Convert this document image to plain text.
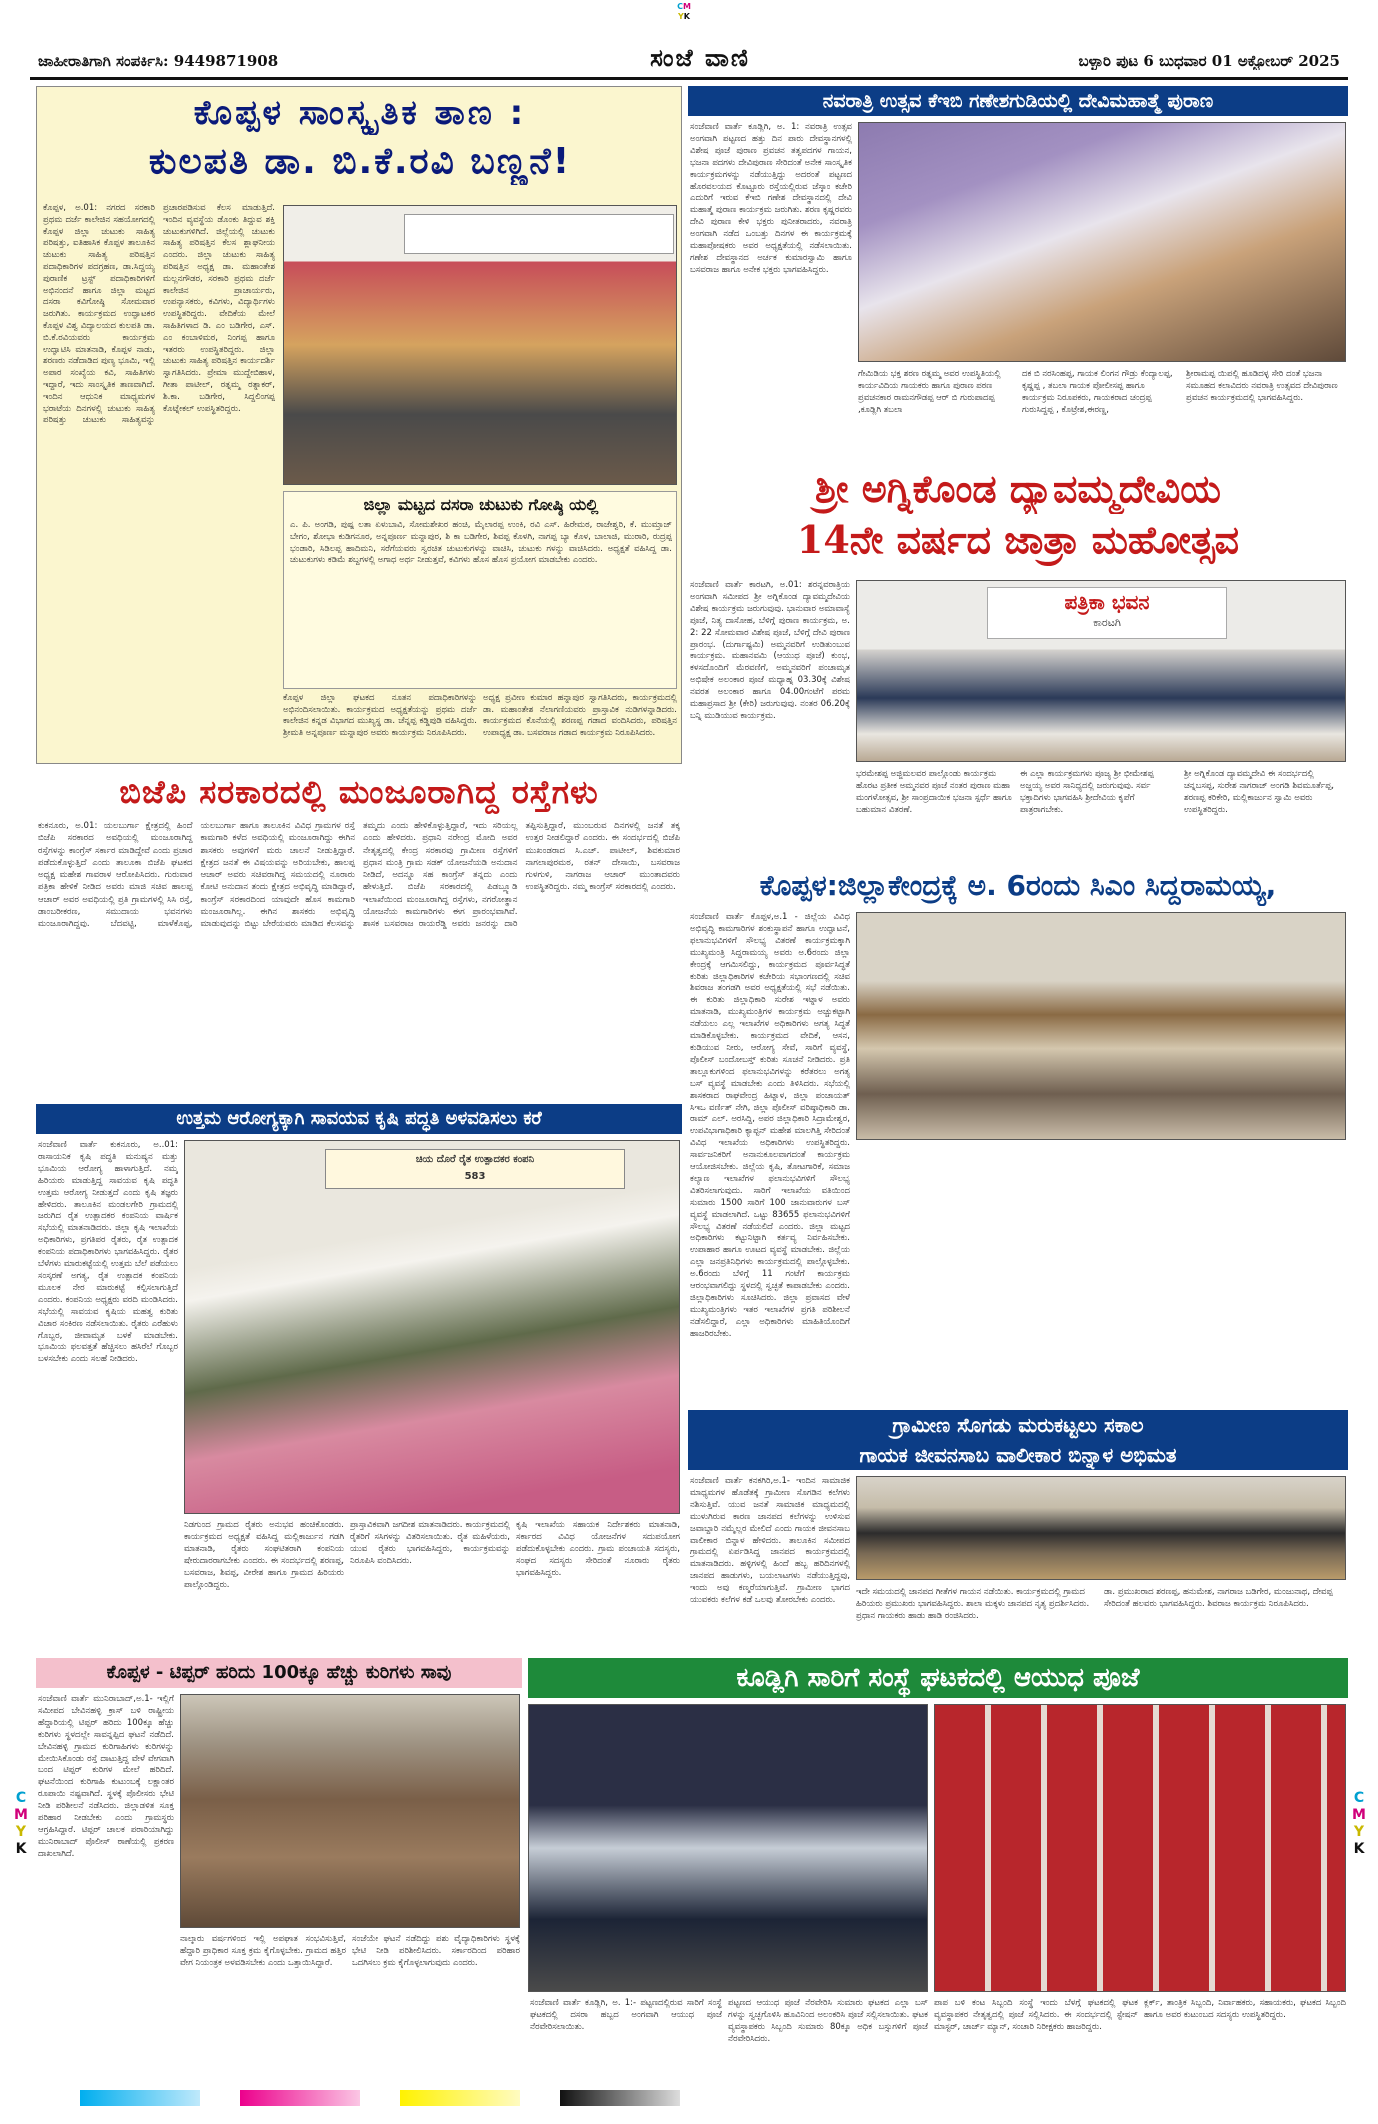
CM
YK
ಜಾಹೀರಾತಿಗಾಗಿ ಸಂಪರ್ಕಿಸಿ: 9449871908	ಸಂಜೆ ವಾಣಿ	ಬಳ್ಳಾರಿ ಪುಟ 6 ಬುಧವಾರ 01 ಅಕ್ಟೋಬರ್ 2025
ಕೊಪ್ಪಳ ಸಾಂಸ್ಕೃತಿಕ ತಾಣ :
ಕುಲಪತಿ ಡಾ. ಬಿ.ಕೆ.ರವಿ ಬಣ್ಣನೆ!
ಕೊಪ್ಪಳ, ಅ.01: ನಗರದ ಸರಕಾರಿ ಪ್ರಥಮ ದರ್ಜೆ ಕಾಲೇಜಿನ ಸಹಯೋಗದಲ್ಲಿ ಕೊಪ್ಪಳ ಜಿಲ್ಲಾ ಚುಟುಕು ಸಾಹಿತ್ಯ ಪರಿಷತ್ತು, ಐತಿಹಾಸಿಕ ಕೊಪ್ಪಳ ತಾಲೂಕಿನ ಚುಟುಕು ಸಾಹಿತ್ಯ ಪರಿಷತ್ತಿನ ಪದಾಧಿಕಾರಿಗಳ ಪದಗ್ರಹಣ, ಡಾ.ಸಿದ್ದಯ್ಯ ಪುರಾಣಿಕ ಟ್ರಸ್ಟ್ ಪದಾಧಿಕಾರಿಗಳಿಗೆ ಅಭಿನಂದನೆ ಹಾಗೂ ಜಿಲ್ಲಾ ಮಟ್ಟದ ದಸರಾ ಕವಿಗೋಷ್ಠಿ ಸೋಮವಾರ ಜರುಗಿತು. ಕಾರ್ಯಕ್ರಮದ ಉದ್ಘಾಟಕರ ಕೊಪ್ಪಳ ವಿಶ್ವ ವಿದ್ಯಾಲಯದ ಕುಲಪತಿ ಡಾ. ಬಿ.ಕೆ.ರವಿಯವರು ಕಾರ್ಯಕ್ರಮ ಉದ್ಘಾಟಿಸಿ ಮಾತನಾಡಿ, ಕೊಪ್ಪಳ ನಾಡು, ಶರಣರು ನಡೆದಾಡಿದ ಪುಣ್ಯ ಭೂಮಿ, ಇಲ್ಲಿ ಅಪಾರ ಸಂಖ್ಯೆಯ ಕವಿ, ಸಾಹಿತಿಗಳು ಇದ್ದಾರೆ, ಇದು ಸಾಂಸ್ಕೃತಿಕ ತಾಣವಾಗಿದೆ. ಇಂದಿನ ಆಧುನಿಕ ಮಾಧ್ಯಮಗಳ ಭರಾಟೆಯ ದಿನಗಳಲ್ಲಿ ಚುಟುಕು ಸಾಹಿತ್ಯ ಪರಿಷತ್ತು ಚುಟುಕು ಸಾಹಿತ್ಯವನ್ನು ಪ್ರಚಾರಪಡಿಸುವ ಕೆಲಸ ಮಾಡುತ್ತಿದೆ. ಇಂದಿನ ವ್ಯವಸ್ಥೆಯ ಡೊಂಕು ತಿದ್ದುವ ಶಕ್ತಿ ಚುಟುಕುಗಳಿಗಿದೆ. ಜಿಲ್ಲೆಯಲ್ಲಿ ಚುಟುಕು ಸಾಹಿತ್ಯ ಪರಿಷತ್ತಿನ ಕೆಲಸ ಶ್ಲಾಘನೀಯ ಎಂದರು. ಜಿಲ್ಲಾ ಚುಟುಕು ಸಾಹಿತ್ಯ ಪರಿಷತ್ತಿನ ಅಧ್ಯಕ್ಷ ಡಾ. ಮಹಾಂತೇಶ ಮಲ್ಲನಗೌಡರ, ಸರಕಾರಿ ಪ್ರಥಮ ದರ್ಜೆ ಕಾಲೇಜಿನ ಪ್ರಾಚಾರ್ಯರು, ಉಪನ್ಯಾಸಕರು, ಕವಿಗಳು, ವಿದ್ಯಾರ್ಥಿಗಳು ಉಪಸ್ಥಿತರಿದ್ದರು. ವೇದಿಕೆಯ ಮೇಲೆ ಸಾಹಿತಿಗಳಾದ ಡಿ. ಎಂ ಬಡಿಗೇರ, ಎಸ್. ಎಂ ಕಂಬಾಳಿಮಠ, ನಿಂಗಪ್ಪ ಹಾಗೂ ಇತರರು ಉಪಸ್ಥಿತರಿದ್ದರು. ಜಿಲ್ಲಾ ಚುಟುಕು ಸಾಹಿತ್ಯ ಪರಿಷತ್ತಿನ ಕಾರ್ಯದರ್ಶಿ ಸ್ವಾಗತಿಸಿದರು. ಪ್ರೇಮಾ ಮುದ್ದೇಬಿಹಾಳ, ಗೀತಾ ಪಾಟೀಲ್, ರತ್ನಮ್ಮ ರತ್ನಾಕರ್, ಶಿ.ಕಾ. ಬಡಿಗೇರ, ಸಿದ್ದಲಿಂಗಪ್ಪ ಕೊಟ್ನೇಕಲ್ ಉಪಸ್ಥಿತರಿದ್ದರು.
ಜಿಲ್ಲಾ ಮಟ್ಟದ ದಸರಾ ಚುಟುಕು ಗೋಷ್ಠಿ ಯಲ್ಲಿ
ಎ. ಪಿ. ಅಂಗಡಿ, ಪುಷ್ಪ ಲತಾ ಏಳುಬಾವಿ, ಸೋಮಶೇಖರ ಹಂಚಿ, ಮೈಲಾರಪ್ಪ ಉಂಕಿ, ರವಿ ಎಸ್. ಹಿರೇಮಠ, ರಾಜೇಶ್ವರಿ, ಕೆ. ಮುಮ್ತಾಜ್ ಬೇಗಂ, ಶೋಭಾ ಕುಡಿಗನೂರ, ಅನ್ನಪೂರ್ಣ ಮನ್ನಾಪುರ, ಶಿ ಕಾ ಬಡಿಗೇರ, ಶಿವಪ್ಪ ಕೊಳಗಿ, ನಾಗಪ್ಪ ಬ್ಯಾ ಕೊಳ, ಬಾಲಾಜಿ, ಮುರಾರಿ, ರುದ್ರಪ್ಪ ಭಂಡಾರಿ, ಸಿಡಿಲಪ್ಪ ಹಾದಿಮನಿ, ಸರೆಗೆಯವರು ಸ್ವರಚಿತ ಚುಟುಕುಗಳನ್ನು ವಾಚಿಸಿ, ಚುಟುಕು ಗಳನ್ನು ವಾಚಿಸಿದರು. ಅಧ್ಯಕ್ಷತೆ ವಹಿಸಿದ್ದ ಡಾ. ಚುಟುಕುಗಳು ಕಡಿಮೆ ಶಬ್ದಗಳಲ್ಲಿ ಅಗಾಧ ಅರ್ಥ ನೀಡುತ್ತವೆ, ಕವಿಗಳು ಹೊಸ ಹೊಸ ಪ್ರಯೋಗ ಮಾಡಬೇಕು ಎಂದರು.
ಕೊಪ್ಪಳ ಜಿಲ್ಲಾ ಘಟಕದ ನೂತನ ಪದಾಧಿಕಾರಿಗಳನ್ನು ಅಭಿನಂದಿಸಲಾಯಿತು. ಕಾರ್ಯಕ್ರಮದ ಅಧ್ಯಕ್ಷತೆಯನ್ನು ಪ್ರಥಮ ದರ್ಜೆ ಕಾಲೇಜಿನ ಕನ್ನಡ ವಿಭಾಗದ ಮುಖ್ಯಸ್ಥ ಡಾ. ಚೆನ್ನಪ್ಪ ಕಡ್ಡಿಪುಡಿ ವಹಿಸಿದ್ದರು. ಶ್ರೀಮತಿ ಅನ್ನಪೂರ್ಣ ಮನ್ನಾಪುರ ಅವರು ಕಾರ್ಯಕ್ರಮ ನಿರೂಪಿಸಿದರು.
ಅಧ್ಯಕ್ಷ ಪ್ರವೀಣ ಕುಮಾರ ಹನ್ನಾಪುರ ಸ್ವಾಗತಿಸಿದರು, ಕಾರ್ಯಕ್ರಮದಲ್ಲಿ ಡಾ. ಮಹಾಂತೇಶ ನೆಲಾಗಣಿಯವರು ಪ್ರಾಸ್ತಾವಿಕ ನುಡಿಗಳನ್ನಾಡಿದರು. ಕಾರ್ಯಕ್ರಮದ ಕೊನೆಯಲ್ಲಿ ಶರಣಪ್ಪ ಗಡಾದ ವಂದಿಸಿದರು, ಪರಿಷತ್ತಿನ ಉಪಾಧ್ಯಕ್ಷ ಡಾ. ಬಸವರಾಜ ಗಡಾದ ಕಾರ್ಯಕ್ರಮ ನಿರೂಪಿಸಿದರು.
ನವರಾತ್ರಿ ಉತ್ಸವ ಕೆಇಬಿ ಗಣೇಶಗುಡಿಯಲ್ಲಿ ದೇವಿಮಹಾತ್ಮೆ ಪುರಾಣ
ಸಂಜೆವಾಣಿ ವಾರ್ತೆ ಕೂಡ್ಲಿಗಿ, ಅ. 1: ನವರಾತ್ರಿ ಉತ್ಸವ ಅಂಗವಾಗಿ ಪಟ್ಟಣದ ಹತ್ತು ದಿನ ಪಾರು ದೇವಸ್ಥಾನಗಳಲ್ಲಿ ವಿಶೇಷ ಪೂಜೆ ಪುರಾಣ ಪ್ರವಚನ ತತ್ವಪದಗಳ ಗಾಯನ, ಭಜನಾ ಪದಗಳು ದೇವಿಪುರಾಣ ಸೇರಿದಂತೆ ಅನೇಕ ಸಾಂಸ್ಕೃತಿಕ ಕಾರ್ಯಕ್ರಮಗಳನ್ನು ನಡೆಯುತ್ತಿದ್ದು ಅದರಂತೆ ಪಟ್ಟಣದ ಹೊರವಲಯದ ಕೊಟ್ಟೂರು ರಸ್ತೆಯಲ್ಲಿರುವ ಜೆಸ್ಕಾಂ ಕಚೇರಿ ಎದುರಿಗೆ ಇರುವ ಕೆಇಬಿ ಗಣೇಶ ದೇವಸ್ಥಾನದಲ್ಲಿ ದೇವಿ ಮಹಾತ್ಮೆ ಪುರಾಣ ಕಾರ್ಯಕ್ರಮ ಜರುಗಿತು. ಶರಣ ಕೃಷ್ಣರವರು ದೇವಿ ಪುರಾಣ ಕೇಳಿ ಭಕ್ತರು ಪುನೀತರಾದರು, ನವರಾತ್ರಿ ಅಂಗವಾಗಿ ನಡೆದ ಒಂಬತ್ತು ದಿನಗಳ ಈ ಕಾರ್ಯಕ್ರಮಕ್ಕೆ ಮಹಾಪೋಷಕರು ಅವರ ಅಧ್ಯಕ್ಷತೆಯಲ್ಲಿ ನಡೆಸಲಾಯಿತು. ಗಣೇಶ ದೇವಸ್ಥಾನದ ಅರ್ಚಕ ಕುಮಾರಸ್ವಾಮಿ ಹಾಗೂ ಬಸವರಾಜ ಹಾಗೂ ಅನೇಕ ಭಕ್ತರು ಭಾಗವಹಿಸಿದ್ದರು.
ಗೇಮಿಡಿಯ ಭಕ್ತ ಶರಣ ರತ್ನಮ್ಮ ಅವರ ಉಪಸ್ಥಿತಿಯಲ್ಲಿ ಕಾರ್ಯವಿದಿಯ ಗಾಯಕರು ಹಾಗೂ ಪುರಾಣ ಪಠಣ ಪ್ರವಚನಕಾರ ರಾಮನಗೌಡಪ್ಪ ಆರ್ ಬಿ ಗುರುಪಾದಪ್ಪ ,ಕೂಡ್ಲಿಗಿ ತಬಲಾ
ದಕ ಬಿ ನರಸಿಂಹಪ್ಪ, ಗಾಯಕ ಲಿಂಗನ ಗೌಡ್ರು ಕೆಂದ್ಯಾಲಪ್ಪ, ಕೃಷ್ಣಪ್ಪ , ತಬಲಾ ಗಾಯಕ ಪೋಲೀಸಪ್ಪ ಹಾಗೂ ಕಾರ್ಯಕ್ರಮ ನಿರೂಪಕರು, ಗಾಯಕರಾದ ಚಂದ್ರಪ್ಪ ಗುರುಸಿದ್ದಪ್ಪ , ಕೊಟ್ರೇಶ,ಈರಣ್ಣ,
ಶ್ರೀರಾಮಪ್ಪ ಯಿಪಲ್ಲಿ ಹೂಡಿದಳ್ಳ ಸೇರಿ ದಂತೆ ಭಜನಾ ಸಮೂಹದ ಕಲಾವಿದರು ನವರಾತ್ರಿ ಉತ್ಸವದ ದೇವಿಪುರಾಣ ಪ್ರವಚನ ಕಾರ್ಯಕ್ರಮದಲ್ಲಿ ಭಾಗವಹಿಸಿದ್ದರು.
ಶ್ರೀ ಅಗ್ನಿಕೊಂಡ ದ್ಯಾವಮ್ಮದೇವಿಯ
14ನೇ ವರ್ಷದ ಜಾತ್ರಾ ಮಹೋತ್ಸವ
ಸಂಜೆವಾಣಿ ವಾರ್ತೆ ಕಾರಟಗಿ, ಅ.01: ಶರನ್ನವರಾತ್ರಿಯ ಅಂಗವಾಗಿ ಸಮೀಪದ ಶ್ರೀ ಅಗ್ನಿಕೊಂಡ ದ್ಯಾವಮ್ಮದೇವಿಯ ವಿಶೇಷ ಕಾರ್ಯಕ್ರಮ ಜರುಗುವುವು. ಭಾನುವಾರ ಅಮಾವಾಸ್ಯೆ ಪೂಜೆ, ನಿತ್ಯ ದಾಸೋಹ, ಬೆಳಿಗ್ಗೆ ಪುರಾಣ ಕಾರ್ಯಕ್ರಮ, ಅ. 2: 22 ಸೋಮವಾರ ವಿಶೇಷ ಪೂಜೆ, ಬೆಳಿಗ್ಗೆ ದೇವಿ ಪುರಾಣ ಪ್ರಾರಂಭ. (ದುರ್ಗಾಷ್ಟಮಿ) ಅಮ್ಮನವರಿಗೆ ಉಡಿತುಂಬುವ ಕಾರ್ಯಕ್ರಮ. ಮಹಾನವಮಿ (ಆಯುಧ ಪೂಜೆ) ಕುಂಭ, ಕಳಸದೊಂದಿಗೆ ಮೆರವಣಿಗೆ, ಅಮ್ಮನವರಿಗೆ ಪಂಚಾಮೃತ ಅಭಿಷೇಕ ಅಲಂಕಾರ ಪೂಜೆ ಮಧ್ಯಾಹ್ನ 03.30ಕ್ಕೆ ವಿಶೇಷ ನವರತ ಅಲಂಕಾರ ಹಾಗೂ 04.00ಗಂಟೆಗೆ ಪರಮ ಮಹಾಪ್ರಸಾದ ಶ್ರೀ (ಕೇರಿ) ಜರುಗುವುವು. ನಂತರ 06.20ಕ್ಕೆ ಬನ್ನಿ ಮುಡಿಯುವ ಕಾರ್ಯಕ್ರಮ.
ಪತ್ರಿಕಾ ಭವನ
ಕಾರಟಗಿ
ಭರಮೇಶಪ್ಪ ಅಜ್ಜಿಮಲವರ ಪಾಲ್ಗೊಂಡು ಕಾರ್ಯಕ್ರಮ ಹೊರಟ ಪ್ರತೀಕ ಅಮ್ಮನವರ ಪೂಜೆ ನಂತರ ಪುರಾಣ ಮಹಾ ಮಂಗಳೋತ್ಸವ, ಶ್ರೀ ಸಾಂಪ್ರದಾಯಿಕ ಭಜನಾ ಸ್ಪರ್ಧೆ ಹಾಗೂ ಬಹುಮಾನ ವಿತರಣೆ.
ಈ ಎಲ್ಲಾ ಕಾರ್ಯಕ್ರಮಗಳು ಪೂಜ್ಯ ಶ್ರೀ ಭೀಮೇಶಪ್ಪ ಅಜ್ಜಯ್ಯ ಅವರ ಸಾನಿಧ್ಯದಲ್ಲಿ ಜರುಗುವುವು. ಸರ್ವ ಭಕ್ತಾದಿಗಳು ಭಾಗವಹಿಸಿ ಶ್ರೀದೇವಿಯ ಕೃಪೆಗೆ ಪಾತ್ರರಾಗಬೇಕು.
ಶ್ರೀ ಅಗ್ನಿಕೊಂಡ ದ್ಯಾವಮ್ಮದೇವಿ ಈ ಸಂದರ್ಭದಲ್ಲಿ ಚನ್ನಬಸಪ್ಪ, ಸುರೇಶ ನಾಗರಾಜ್ ಅಂಗಡಿ ಶಿವಮೂರ್ತೆಪ್ಪ, ಶರಣಪ್ಪ ಕರಿಕೇರಿ, ಮಲ್ಲಿಕಾರ್ಜುನ ಸ್ವಾಮಿ ಅವರು ಉಪಸ್ಥಿತರಿದ್ದರು.
ಬಿಜೆಪಿ ಸರಕಾರದಲ್ಲಿ ಮಂಜೂರಾಗಿದ್ದ ರಸ್ತೆಗಳು
ಕುಕನೂರು, ಅ.01: ಯಲಬುರ್ಗಾ ಕ್ಷೇತ್ರದಲ್ಲಿ ಹಿಂದೆ ಬಿಜೆಪಿ ಸರಕಾರದ ಅವಧಿಯಲ್ಲಿ ಮಂಜೂರಾಗಿದ್ದ ರಸ್ತೆಗಳನ್ನು ಕಾಂಗ್ರೆಸ್ ಸರ್ಕಾರ ಮಾಡಿದ್ದೇವೆ ಎಂದು ಪ್ರಚಾರ ಪಡೆದುಕೊಳ್ಳುತ್ತಿದೆ ಎಂದು ತಾಲೂಕಾ ಬಿಜೆಪಿ ಘಟಕದ ಅಧ್ಯಕ್ಷ ಮಹೇಶ ಗಾವರಾಳ ಆರೋಪಿಸಿದರು. ಗುರುವಾರ ಪತ್ರಿಕಾ ಹೇಳಿಕೆ ನೀಡಿದ ಅವರು ಮಾಜಿ ಸಚಿವ ಹಾಲಪ್ಪ ಆಚಾರ್ ಅವರ ಅವಧಿಯಲ್ಲಿ ಪ್ರತಿ ಗ್ರಾಮಗಳಲ್ಲಿ ಸಿಸಿ ರಸ್ತೆ, ಡಾಂಬರೀಕರಣ, ಸಮುದಾಯ ಭವನಗಳು ಮಂಜೂರಾಗಿದ್ದವು. ಬೆದವಟ್ಟಿ, ಮಾಳೆಕೊಪ್ಪ, ಯಲಬುರ್ಗಾ ಹಾಗೂ ತಾಲೂಕಿನ ವಿವಿಧ ಗ್ರಾಮಗಳ ರಸ್ತೆ ಕಾಮಗಾರಿ ಕಳೆದ ಅವಧಿಯಲ್ಲಿ ಮಂಜೂರಾಗಿದ್ದು ಈಗಿನ ಶಾಸಕರು ಅವುಗಳಿಗೆ ಮರು ಚಾಲನೆ ನೀಡುತ್ತಿದ್ದಾರೆ. ಕ್ಷೇತ್ರದ ಜನತೆ ಈ ವಿಷಯವನ್ನು ಅರಿಯಬೇಕು, ಹಾಲಪ್ಪ ಆಚಾರ್ ಅವರು ಸಚಿವರಾಗಿದ್ದ ಸಮಯದಲ್ಲಿ ನೂರಾರು ಕೋಟಿ ಅನುದಾನ ತಂದು ಕ್ಷೇತ್ರದ ಅಭಿವೃದ್ಧಿ ಮಾಡಿದ್ದಾರೆ, ಕಾಂಗ್ರೆಸ್ ಸರಕಾರದಿಂದ ಯಾವುದೇ ಹೊಸ ಕಾಮಗಾರಿ ಮಂಜೂರಾಗಿಲ್ಲ. ಈಗಿನ ಶಾಸಕರು ಅಭಿವೃದ್ಧಿ ಮಾಡುವುದನ್ನು ಬಿಟ್ಟು ಬೇರೆಯವರು ಮಾಡಿದ ಕೆಲಸವನ್ನು ತಮ್ಮದು ಎಂದು ಹೇಳಿಕೊಳ್ಳುತ್ತಿದ್ದಾರೆ, ಇದು ಸರಿಯಲ್ಲ ಎಂದು ಹೇಳಿದರು. ಪ್ರಧಾನಿ ನರೇಂದ್ರ ಮೋದಿ ಅವರ ನೇತೃತ್ವದಲ್ಲಿ ಕೇಂದ್ರ ಸರಕಾರವು ಗ್ರಾಮೀಣ ರಸ್ತೆಗಳಿಗೆ ಪ್ರಧಾನ ಮಂತ್ರಿ ಗ್ರಾಮ ಸಡಕ್ ಯೋಜನೆಯಡಿ ಅನುದಾನ ನೀಡಿದೆ, ಅದನ್ನೂ ಸಹ ಕಾಂಗ್ರೆಸ್ ತನ್ನದು ಎಂದು ಹೇಳುತ್ತಿದೆ. ಬಿಜೆಪಿ ಸರಕಾರದಲ್ಲಿ ಪಿಡಬ್ಲ್ಯೂಡಿ ಇಲಾಖೆಯಿಂದ ಮಂಜೂರಾಗಿದ್ದ ರಸ್ತೆಗಳು, ನಗರೋತ್ಥಾನ ಯೋಜನೆಯ ಕಾಮಗಾರಿಗಳು ಈಗ ಪ್ರಾರಂಭವಾಗಿವೆ. ಶಾಸಕ ಬಸವರಾಜ ರಾಯರೆಡ್ಡಿ ಅವರು ಜನರನ್ನು ದಾರಿ ತಪ್ಪಿಸುತ್ತಿದ್ದಾರೆ, ಮುಂಬರುವ ದಿನಗಳಲ್ಲಿ ಜನತೆ ತಕ್ಕ ಉತ್ತರ ನೀಡಲಿದ್ದಾರೆ ಎಂದರು. ಈ ಸಂದರ್ಭದಲ್ಲಿ ಬಿಜೆಪಿ ಮುಖಂಡರಾದ ಸಿ.ಎಚ್. ಪಾಟೀಲ್, ಶಿವಕುಮಾರ ನಾಗಲಾಪುರಮಠ, ರತನ್ ದೇಸಾಯಿ, ಬಸವರಾಜ ಗುಳಗುಳಿ, ನಾಗರಾಜ ಆಚಾರ್ ಮುಂತಾದವರು ಉಪಸ್ಥಿತರಿದ್ದರು. ನಮ್ಮ ಕಾಂಗ್ರೆಸ್ ಸರಕಾರದಲ್ಲಿ ಎಂದರು.	ಕೊಪ್ಪಳ:ಜಿಲ್ಲಾಕೇಂದ್ರಕ್ಕೆ ಅ. 6ರಂದು ಸಿಎಂ ಸಿದ್ದರಾಮಯ್ಯ,
ಸಂಜೆವಾಣಿ ವಾರ್ತೆ ಕೊಪ್ಪಳ,ಅ.1 - ಜಿಲ್ಲೆಯ ವಿವಿಧ ಅಭಿವೃದ್ಧಿ ಕಾಮಗಾರಿಗಳ ಶಂಕುಸ್ಥಾಪನೆ ಹಾಗೂ ಉದ್ಘಾಟನೆ, ಫಲಾನುಭವಿಗಳಿಗೆ ಸೌಲಭ್ಯ ವಿತರಣೆ ಕಾರ್ಯಕ್ರಮಕ್ಕಾಗಿ ಮುಖ್ಯಮಂತ್ರಿ ಸಿದ್ದರಾಮಯ್ಯ ಅವರು ಅ.6ರಂದು ಜಿಲ್ಲಾ ಕೇಂದ್ರಕ್ಕೆ ಆಗಮಿಸಲಿದ್ದು, ಕಾರ್ಯಕ್ರಮದ ಪೂರ್ವಸಿದ್ಧತೆ ಕುರಿತು ಜಿಲ್ಲಾಧಿಕಾರಿಗಳ ಕಚೇರಿಯ ಸಭಾಂಗಣದಲ್ಲಿ ಸಚಿವ ಶಿವರಾಜ ತಂಗಡಗಿ ಅವರ ಅಧ್ಯಕ್ಷತೆಯಲ್ಲಿ ಸಭೆ ನಡೆಯಿತು. ಈ ಕುರಿತು ಜಿಲ್ಲಾಧಿಕಾರಿ ಸುರೇಶ ಇಟ್ನಾಳ ಅವರು ಮಾತನಾಡಿ, ಮುಖ್ಯಮಂತ್ರಿಗಳ ಕಾರ್ಯಕ್ರಮ ಅಚ್ಚುಕಟ್ಟಾಗಿ ನಡೆಯಲು ಎಲ್ಲ ಇಲಾಖೆಗಳ ಅಧಿಕಾರಿಗಳು ಅಗತ್ಯ ಸಿದ್ಧತೆ ಮಾಡಿಕೊಳ್ಳಬೇಕು. ಕಾರ್ಯಕ್ರಮದ ವೇದಿಕೆ, ಆಸನ, ಕುಡಿಯುವ ನೀರು, ಆರೋಗ್ಯ ಸೇವೆ, ಸಾರಿಗೆ ವ್ಯವಸ್ಥೆ, ಪೊಲೀಸ್ ಬಂದೋಬಸ್ತ್ ಕುರಿತು ಸೂಚನೆ ನೀಡಿದರು. ಪ್ರತಿ ತಾಲ್ಲೂಕುಗಳಿಂದ ಫಲಾನುಭವಿಗಳನ್ನು ಕರೆತರಲು ಅಗತ್ಯ ಬಸ್ ವ್ಯವಸ್ಥೆ ಮಾಡಬೇಕು ಎಂದು ತಿಳಿಸಿದರು. ಸಭೆಯಲ್ಲಿ ಶಾಸಕರಾದ ರಾಘವೇಂದ್ರ ಹಿಟ್ನಾಳ, ಜಿಲ್ಲಾ ಪಂಚಾಯತ್ ಸಿಇಒ ವರ್ಣಿತ್ ನೇಗಿ, ಜಿಲ್ಲಾ ಪೊಲೀಸ್ ವರಿಷ್ಠಾಧಿಕಾರಿ ಡಾ. ರಾಮ್ ಎಲ್. ಅರಸಿದ್ದಿ, ಅಪರ ಜಿಲ್ಲಾಧಿಕಾರಿ ಸಿದ್ರಾಮೇಶ್ವರ, ಉಪವಿಭಾಗಾಧಿಕಾರಿ ಕ್ಯಾಪ್ಟನ್ ಮಹೇಶ ಮಾಲಗಿತ್ತಿ ಸೇರಿದಂತೆ ವಿವಿಧ ಇಲಾಖೆಯ ಅಧಿಕಾರಿಗಳು ಉಪಸ್ಥಿತರಿದ್ದರು. ಸಾರ್ವಜನಿಕರಿಗೆ ಅನಾನುಕೂಲವಾಗದಂತೆ ಕಾರ್ಯಕ್ರಮ ಆಯೋಜಿಸಬೇಕು. ಜಿಲ್ಲೆಯ ಕೃಷಿ, ತೋಟಗಾರಿಕೆ, ಸಮಾಜ ಕಲ್ಯಾಣ ಇಲಾಖೆಗಳ ಫಲಾನುಭವಿಗಳಿಗೆ ಸೌಲಭ್ಯ ವಿತರಿಸಲಾಗುವುದು. ಸಾರಿಗೆ ಇಲಾಖೆಯ ವತಿಯಿಂದ ಸುಮಾರು 1500 ಸಾರಿಗೆ 100 ಜಾನುವಾರುಗಳ ಬಸ್ ವ್ಯವಸ್ಥೆ ಮಾಡಲಾಗಿದೆ. ಒಟ್ಟು 83655 ಫಲಾನುಭವಿಗಳಿಗೆ ಸೌಲಭ್ಯ ವಿತರಣೆ ನಡೆಯಲಿದೆ ಎಂದರು. ಜಿಲ್ಲಾ ಮಟ್ಟದ ಅಧಿಕಾರಿಗಳು ಕಟ್ಟುನಿಟ್ಟಾಗಿ ಕರ್ತವ್ಯ ನಿರ್ವಹಿಸಬೇಕು. ಉಪಾಹಾರ ಹಾಗೂ ಊಟದ ವ್ಯವಸ್ಥೆ ಮಾಡಬೇಕು. ಜಿಲ್ಲೆಯ ಎಲ್ಲಾ ಜನಪ್ರತಿನಿಧಿಗಳು ಕಾರ್ಯಕ್ರಮದಲ್ಲಿ ಪಾಲ್ಗೊಳ್ಳಬೇಕು. ಅ.6ರಂದು ಬೆಳಿಗ್ಗೆ 11 ಗಂಟೆಗೆ ಕಾರ್ಯಕ್ರಮ ಆರಂಭವಾಗಲಿದ್ದು ಸ್ಥಳದಲ್ಲಿ ಸ್ವಚ್ಛತೆ ಕಾಪಾಡಬೇಕು ಎಂದರು. ಜಿಲ್ಲಾಧಿಕಾರಿಗಳು ಸೂಚಿಸಿದರು. ಜಿಲ್ಲಾ ಪ್ರವಾಸದ ವೇಳೆ ಮುಖ್ಯಮಂತ್ರಿಗಳು ಇತರ ಇಲಾಖೆಗಳ ಪ್ರಗತಿ ಪರಿಶೀಲನೆ ನಡೆಸಲಿದ್ದಾರೆ, ಎಲ್ಲಾ ಅಧಿಕಾರಿಗಳು ಮಾಹಿತಿಯೊಂದಿಗೆ ಹಾಜರಿರಬೇಕು.
ಉತ್ತಮ ಆರೋಗ್ಯಕ್ಕಾಗಿ ಸಾವಯವ ಕೃಷಿ ಪದ್ಧತಿ ಅಳವಡಿಸಲು ಕರೆ
ಸಂಜೆವಾಣಿ ವಾರ್ತೆ ಕುಕನೂರು, ಅ..01: ರಾಸಾಯನಿಕ ಕೃಷಿ ಪದ್ಧತಿ ಮನುಷ್ಯನ ಮತ್ತು ಭೂಮಿಯ ಆರೋಗ್ಯ ಹಾಳಾಗುತ್ತಿದೆ. ನಮ್ಮ ಹಿರಿಯರು ಮಾಡುತ್ತಿದ್ದ ಸಾವಯವ ಕೃಷಿ ಪದ್ಧತಿ ಉತ್ತಮ ಆರೋಗ್ಯ ನೀಡುತ್ತದೆ ಎಂದು ಕೃಷಿ ತಜ್ಞರು ಹೇಳಿದರು. ತಾಲೂಕಿನ ಮಂಡಲಗೇರಿ ಗ್ರಾಮದಲ್ಲಿ ಜರುಗಿದ ರೈತ ಉತ್ಪಾದಕರ ಕಂಪನಿಯ ವಾರ್ಷಿಕ ಸಭೆಯಲ್ಲಿ ಮಾತನಾಡಿದರು. ಜಿಲ್ಲಾ ಕೃಷಿ ಇಲಾಖೆಯ ಅಧಿಕಾರಿಗಳು, ಪ್ರಗತಿಪರ ರೈತರು, ರೈತ ಉತ್ಪಾದಕ ಕಂಪನಿಯ ಪದಾಧಿಕಾರಿಗಳು ಭಾಗವಹಿಸಿದ್ದರು. ರೈತರ ಬೆಳೆಗಳು ಮಾರುಕಟ್ಟೆಯಲ್ಲಿ ಉತ್ತಮ ಬೆಲೆ ಪಡೆಯಲು ಸಂಸ್ಕರಣೆ ಅಗತ್ಯ, ರೈತ ಉತ್ಪಾದಕ ಕಂಪನಿಯ ಮೂಲಕ ನೇರ ಮಾರುಕಟ್ಟೆ ಕಲ್ಪಿಸಲಾಗುತ್ತಿದೆ ಎಂದರು. ಕಂಪನಿಯ ಅಧ್ಯಕ್ಷರು ವರದಿ ಮಂಡಿಸಿದರು. ಸಭೆಯಲ್ಲಿ ಸಾವಯವ ಕೃಷಿಯ ಮಹತ್ವ ಕುರಿತು ವಿಚಾರ ಸಂಕಿರಣ ನಡೆಸಲಾಯಿತು. ರೈತರು ಎರೆಹುಳು ಗೊಬ್ಬರ, ಜೀವಾಮೃತ ಬಳಕೆ ಮಾಡಬೇಕು. ಭೂಮಿಯ ಫಲವತ್ತತೆ ಹೆಚ್ಚಿಸಲು ಹಸಿರೆಲೆ ಗೊಬ್ಬರ ಬಳಸಬೇಕು ಎಂದು ಸಲಹೆ ನೀಡಿದರು.
ಚಿಯ ದೊರೆ ರೈತ ಉತ್ಪಾದಕರ ಕಂಪನಿ
583
ನಿಡಗುಂದ ಗ್ರಾಮದ ರೈತರು ಅನುಭವ ಹಂಚಿಕೊಂಡರು. ಕಾರ್ಯಕ್ರಮದ ಅಧ್ಯಕ್ಷತೆ ವಹಿಸಿದ್ದ ಮಲ್ಲಿಕಾರ್ಜುನ ಗಡಗಿ ಮಾತನಾಡಿ, ರೈತರು ಸಂಘಟಿತರಾಗಿ ಕಂಪನಿಯ ಷೇರುದಾರರಾಗಬೇಕು ಎಂದರು. ಈ ಸಂದರ್ಭದಲ್ಲಿ ಶರಣಪ್ಪ, ಬಸವರಾಜ, ಶಿವಪ್ಪ, ವೀರೇಶ ಹಾಗೂ ಗ್ರಾಮದ ಹಿರಿಯರು ಪಾಲ್ಗೊಂಡಿದ್ದರು.
ಪ್ರಾಸ್ತಾವಿಕವಾಗಿ ಜಗದೀಶ ಮಾತನಾಡಿದರು. ಕಾರ್ಯಕ್ರಮದಲ್ಲಿ ರೈತರಿಗೆ ಸಸಿಗಳನ್ನು ವಿತರಿಸಲಾಯಿತು. ರೈತ ಮಹಿಳೆಯರು, ಯುವ ರೈತರು ಭಾಗವಹಿಸಿದ್ದರು, ಕಾರ್ಯಕ್ರಮವನ್ನು ನಿರೂಪಿಸಿ ವಂದಿಸಿದರು.
ಕೃಷಿ ಇಲಾಖೆಯ ಸಹಾಯಕ ನಿರ್ದೇಶಕರು ಮಾತನಾಡಿ, ಸರ್ಕಾರದ ವಿವಿಧ ಯೋಜನೆಗಳ ಸದುಪಯೋಗ ಪಡೆದುಕೊಳ್ಳಬೇಕು ಎಂದರು. ಗ್ರಾಮ ಪಂಚಾಯತಿ ಸದಸ್ಯರು, ಸಂಘದ ಸದಸ್ಯರು ಸೇರಿದಂತೆ ನೂರಾರು ರೈತರು ಭಾಗವಹಿಸಿದ್ದರು.
ಗ್ರಾಮೀಣ ಸೊಗಡು ಮರುಕಟ್ಟಲು ಸಕಾಲ
ಗಾಯಕ ಜೀವನಸಾಬ ವಾಲೀಕಾರ ಬಿನ್ನಾಳ ಅಭಿಮತ
ಸಂಜೆವಾಣಿ ವಾರ್ತೆ ಕನಕಗಿರಿ,ಅ.1- ಇಂದಿನ ಸಾಮಾಜಿಕ ಮಾಧ್ಯಮಗಳ ಹೊಡೆತಕ್ಕೆ ಗ್ರಾಮೀಣ ಸೊಗಡಿನ ಕಲೆಗಳು ನಶಿಸುತ್ತಿವೆ. ಯುವ ಜನತೆ ಸಾಮಾಜಿಕ ಮಾಧ್ಯಮದಲ್ಲಿ ಮುಳುಗಿರುವ ಕಾರಣ ಜಾನಪದ ಕಲೆಗಳನ್ನು ಉಳಿಸುವ ಜವಾಬ್ದಾರಿ ನಮ್ಮೆಲ್ಲರ ಮೇಲಿದೆ ಎಂದು ಗಾಯಕ ಜೀವನಸಾಬ ವಾಲೀಕಾರ ಬಿನ್ನಾಳ ಹೇಳಿದರು. ತಾಲೂಕಿನ ಸಮೀಪದ ಗ್ರಾಮದಲ್ಲಿ ಏರ್ಪಡಿಸಿದ್ದ ಜಾನಪದ ಕಾರ್ಯಕ್ರಮದಲ್ಲಿ ಮಾತನಾಡಿದರು. ಹಳ್ಳಿಗಳಲ್ಲಿ ಹಿಂದೆ ಹಬ್ಬ ಹರಿದಿನಗಳಲ್ಲಿ ಜಾನಪದ ಹಾಡುಗಳು, ಬಯಲಾಟಗಳು ನಡೆಯುತ್ತಿದ್ದವು, ಇಂದು ಅವು ಕಣ್ಮರೆಯಾಗುತ್ತಿವೆ. ಗ್ರಾಮೀಣ ಭಾಗದ ಯುವಕರು ಕಲೆಗಳ ಕಡೆ ಒಲವು ತೋರಬೇಕು ಎಂದರು.
ಇದೇ ಸಮಯದಲ್ಲಿ ಜಾನಪದ ಗೀತೆಗಳ ಗಾಯನ ನಡೆಯಿತು. ಕಾರ್ಯಕ್ರಮದಲ್ಲಿ ಗ್ರಾಮದ ಹಿರಿಯರು ಪ್ರಮುಖರು ಭಾಗವಹಿಸಿದ್ದರು. ಶಾಲಾ ಮಕ್ಕಳು ಜಾನಪದ ನೃತ್ಯ ಪ್ರದರ್ಶಿಸಿದರು. ಪ್ರಧಾನ ಗಾಯಕರು ಹಾಡು ಹಾಡಿ ರಂಜಿಸಿದರು.
ಡಾ. ಪ್ರಮುಖರಾದ ಶರಣಪ್ಪ, ಹನುಮೇಶ, ನಾಗರಾಜ ಬಡಿಗೇರ, ಮಂಜುನಾಥ, ದೇವಪ್ಪ ಸೇರಿದಂತೆ ಹಲವರು ಭಾಗವಹಿಸಿದ್ದರು. ಶಿವರಾಜ ಕಾರ್ಯಕ್ರಮ ನಿರೂಪಿಸಿದರು.
ಕೊಪ್ಪಳ - ಟಿಪ್ಪರ್ ಹರಿದು 100ಕ್ಕೂ ಹೆಚ್ಚು ಕುರಿಗಳು ಸಾವು
ಸಂಜೆವಾಣಿ ವಾರ್ತೆ ಮುನಿರಾಬಾದ್,ಅ.1- ಇಲ್ಲಿಗೆ ಸಮೀಪದ ಬೇವಿನಹಳ್ಳಿ ಕ್ರಾಸ್ ಬಳಿ ರಾಷ್ಟ್ರೀಯ ಹೆದ್ದಾರಿಯಲ್ಲಿ ಟಿಪ್ಪರ್ ಹರಿದು 100ಕ್ಕೂ ಹೆಚ್ಚು ಕುರಿಗಳು ಸ್ಥಳದಲ್ಲೇ ಸಾವನ್ನಪ್ಪಿದ ಘಟನೆ ನಡೆದಿದೆ. ಬೇವಿನಹಳ್ಳಿ ಗ್ರಾಮದ ಕುರಿಗಾಹಿಗಳು ಕುರಿಗಳನ್ನು ಮೇಯಿಸಿಕೊಂಡು ರಸ್ತೆ ದಾಟುತ್ತಿದ್ದ ವೇಳೆ ವೇಗವಾಗಿ ಬಂದ ಟಿಪ್ಪರ್ ಕುರಿಗಳ ಮೇಲೆ ಹರಿದಿದೆ. ಘಟನೆಯಿಂದ ಕುರಿಗಾಹಿ ಕುಟುಂಬಕ್ಕೆ ಲಕ್ಷಾಂತರ ರೂಪಾಯಿ ನಷ್ಟವಾಗಿದೆ. ಸ್ಥಳಕ್ಕೆ ಪೊಲೀಸರು ಭೇಟಿ ನೀಡಿ ಪರಿಶೀಲನೆ ನಡೆಸಿದರು. ಜಿಲ್ಲಾಡಳಿತ ಸೂಕ್ತ ಪರಿಹಾರ ನೀಡಬೇಕು ಎಂದು ಗ್ರಾಮಸ್ಥರು ಆಗ್ರಹಿಸಿದ್ದಾರೆ. ಟಿಪ್ಪರ್ ಚಾಲಕ ಪರಾರಿಯಾಗಿದ್ದು ಮುನಿರಾಬಾದ್ ಪೊಲೀಸ್ ಠಾಣೆಯಲ್ಲಿ ಪ್ರಕರಣ ದಾಖಲಾಗಿದೆ.
ನಾಲ್ಕಾರು ವರ್ಷಗಳಿಂದ ಇಲ್ಲಿ ಅಪಘಾತ ಸಂಭವಿಸುತ್ತಿವೆ, ಹೆದ್ದಾರಿ ಪ್ರಾಧಿಕಾರ ಸೂಕ್ತ ಕ್ರಮ ಕೈಗೊಳ್ಳಬೇಕು. ಗ್ರಾಮದ ಹತ್ತಿರ ವೇಗ ನಿಯಂತ್ರಕ ಅಳವಡಿಸಬೇಕು ಎಂದು ಒತ್ತಾಯಿಸಿದ್ದಾರೆ.
ಸಂಜೆಯೇ ಘಟನೆ ನಡೆದಿದ್ದು ಪಶು ವೈದ್ಯಾಧಿಕಾರಿಗಳು ಸ್ಥಳಕ್ಕೆ ಭೇಟಿ ನೀಡಿ ಪರಿಶೀಲಿಸಿದರು. ಸರ್ಕಾರದಿಂದ ಪರಿಹಾರ ಒದಗಿಸಲು ಕ್ರಮ ಕೈಗೊಳ್ಳಲಾಗುವುದು ಎಂದರು.
ಕೂಡ್ಲಿಗಿ ಸಾರಿಗೆ ಸಂಸ್ಥೆ ಘಟಕದಲ್ಲಿ ಆಯುಧ ಪೂಜೆ
ಸಂಜೆವಾಣಿ ವಾರ್ತೆ ಕೂಡ್ಲಿಗಿ, ಅ. 1:- ಪಟ್ಟಣದಲ್ಲಿರುವ ಸಾರಿಗೆ ಸಂಸ್ಥೆ ಘಟಕದಲ್ಲಿ ದಸರಾ ಹಬ್ಬದ ಅಂಗವಾಗಿ ಆಯುಧ ಪೂಜೆ ನೆರವೇರಿಸಲಾಯಿತು.
ಪಟ್ಟಣದ ಆಯುಧ ಪೂಜೆ ನೆರವೇರಿಸಿ ಸುಮಾರು ಘಟಕದ ಎಲ್ಲಾ ಬಸ್ ಗಳನ್ನು ಸ್ವಚ್ಛಗೊಳಿಸಿ ಹೂವಿನಿಂದ ಅಲಂಕರಿಸಿ ಪೂಜೆ ಸಲ್ಲಿಸಲಾಯಿತು. ಘಟಕ ವ್ಯವಸ್ಥಾಪಕರು ಸಿಬ್ಬಂದಿ ಸುಮಾರು 80ಕ್ಕೂ ಅಧಿಕ ಬಸ್ಸುಗಳಿಗೆ ಪೂಜೆ ನೆರವೇರಿಸಿದರು.
ಪಾಪ ಬಳಿ ಕಂಟ ಸಿಬ್ಬಂದಿ ಸಂಸ್ಥೆ ಇಂದು ಬೆಳಗ್ಗೆ ಘಟಕದಲ್ಲಿ ಘಟಕ ವ್ಯವಸ್ಥಾಪಕರ ನೇತೃತ್ವದಲ್ಲಿ ಪೂಜೆ ಸಲ್ಲಿಸಿದರು. ಈ ಸಂದರ್ಭದಲ್ಲಿ ಸ್ಟೇಷನ್ ಮಾಸ್ಟರ್, ಚಾರ್ಜ್ ಮ್ಯಾನ್, ಸಂಚಾರಿ ನಿರೀಕ್ಷಕರು ಹಾಜರಿದ್ದರು.
ಕ್ಲರ್ಕ್, ತಾಂತ್ರಿಕ ಸಿಬ್ಬಂದಿ, ನಿರ್ವಾಹಕರು, ಸಹಾಯಕರು, ಘಟಕದ ಸಿಬ್ಬಂದಿ ಹಾಗೂ ಅವರ ಕುಟುಂಬದ ಸದಸ್ಯರು ಉಪಸ್ಥಿತರಿದ್ದರು.
C
M
Y
K
C
M
Y
K
